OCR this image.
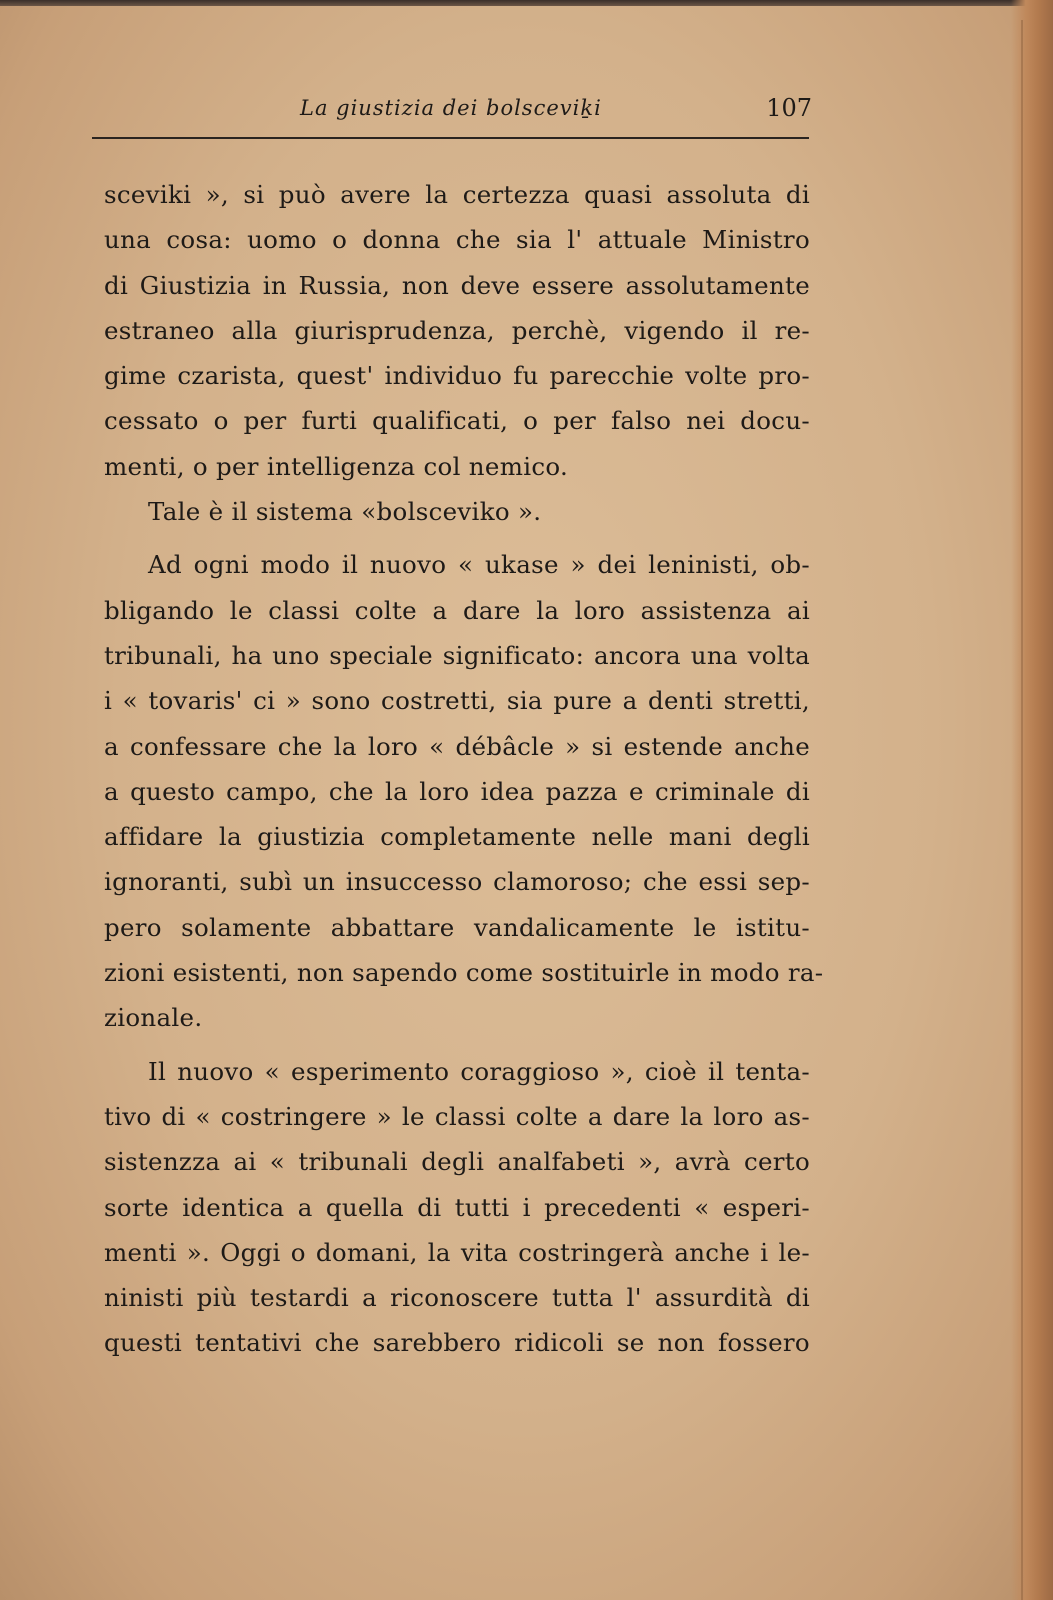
La giustizia dei bolsceviḵi	107
sceviki », si può avere la certezza quasi assoluta di
una cosa: uomo o donna che sia l' attuale Ministro
di Giustizia in Russia, non deve essere assolutamente
estraneo alla giurisprudenza, perchè, vigendo il re-
gime czarista, quest' individuo fu parecchie volte pro-
cessato o per furti qualificati, o per falso nei docu-
menti, o per intelligenza col nemico.
Tale è il sistema «bolsceviko ».
Ad ogni modo il nuovo « ukase » dei leninisti, ob-
bligando le classi colte a dare la loro assistenza ai
tribunali, ha uno speciale significato: ancora una volta
i « tovaris' ci » sono costretti, sia pure a denti stretti,
a confessare che la loro « débâcle » si estende anche
a questo campo, che la loro idea pazza e criminale di
affidare la giustizia completamente nelle mani degli
ignoranti, subì un insuccesso clamoroso; che essi sep-
pero solamente abbattare vandalicamente le istitu-
zioni esistenti, non sapendo come sostituirle in modo ra-
zionale.
Il nuovo « esperimento coraggioso », cioè il tenta-
tivo di « costringere » le classi colte a dare la loro as-
sistenzza ai « tribunali degli analfabeti », avrà certo
sorte identica a quella di tutti i precedenti « esperi-
menti ». Oggi o domani, la vita costringerà anche i le-
ninisti più testardi a riconoscere tutta l' assurdità di
questi tentativi che sarebbero ridicoli se non fossero
